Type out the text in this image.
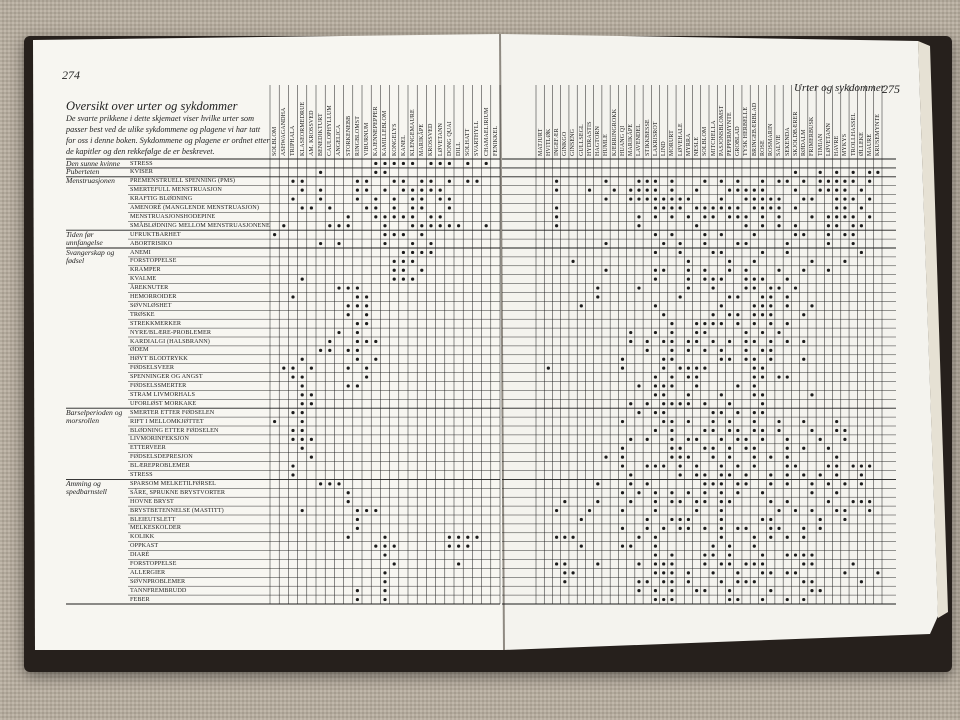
274
Oversikt over urter og sykdommer
De svarte prikkene i dette skjemaet viser hvilke urter som passer best ved de ulike sykdommene og plagene vi har tatt for oss i denne boken. Sykdommene og plagene er ordnet etter de kapitler og den rekkefølge de er beskrevet.	SOLBLOM ASHWAGANDHA TRIPHALA KLASEORMEDRUE AM. KROSSVED BENEDIKTURT CAULOPHYLLUM ANGELICA STORKENEBB RINGBLOMST VIBURNUM KAJENNEPEPPER KAMILLEBLOM KONGELYS KANEL KLENGEMAURE MARIKÅPE KROSSVED LØVETANN DONG QUAI DILL SOLHATT SVARTHYLL CHAMAELIRIUM FENIKKEL
STRESS
KVISER
PREMENSTRUELL SPENNING (PMS)
SMERTEFULL MENSTRUASJON
KRAFTIG BLØDNING
AMENORÉ (MANGLENDE MENSTRUASJON)
MENSTRUASJONSHODEPINE
SMÅBLØDNING MELLOM MENSTRUASJONENE
UFRUKTBARHET
ABORTRISIKO
ANEMI
FORSTOPPELSE
KRAMPER
KVALME
ÅREKNUTER
HEMORROIDER
SØVNLØSHET
TRØSKE
STREKKMERKER
NYRE/BLÆRE-PROBLEMER
KARDIALGI (HALSBRANN)
ØDEM
HØYT BLODTRYKK
FØDSELSVEER
SPENNINGER OG ANGST
FØDSELSSMERTER
STRAM LIVMORHALS
UFORLØST MORKAKE
SMERTER ETTER FØDSELEN
RIFT I MELLOMKJØTTET
BLØDNING ETTER FØDSELEN
LIVMORINFEKSJON
ETTERVEER
FØDSELSDEPRESJON
BLÆREPROBLEMER
STRESS
SPARSOM MELKETILFØRSEL
SÅRE, SPRUKNE BRYSTVORTER
HOVNE BRYST
BRYSTBETENNELSE (MASTITT)
BLEIEUTSLETT
MELKESKOLDER
KOLIKK
OPPKAST
DIARÉ
FORSTOPPELSE
ALLERGIER
SØVNPROBLEMER
TANNFREMBRUDD
FEBER
Den sunne kvinne
Puberteten
Menstruasjonen
Tiden før unnfangelse
Svangerskap og fødsel
Barselperioden og morsrollen
Amming og spedbarnstell
Urter og sykdommer
275
MATJURT HVITLØK INGEFÆR GINKGO GINSENG GULLSEGL HYDRASTIS HAGTORN HUMLE KJERRINGROKK HUANG QI MARIKÅPE LAVENDEL STIKKBESSE LAKRISROT LIND MORURT LØVEHALE MYRRA NESLE SOLBLOM MITCHELLA PASJONSBLOMST PEPPERMYNTE GROBLAD TYSK HERBELLE BRINGEBÆRBLAD ROSE ROSMARIN SALVIE SEKENDA SKJOLDBÆRER RØDALM FRIMERBUSK TIMIAN LØVETANN HAVRE MYKYS TROLLHASSEL ØLLEKE MAURE KRUSEMYNTE
